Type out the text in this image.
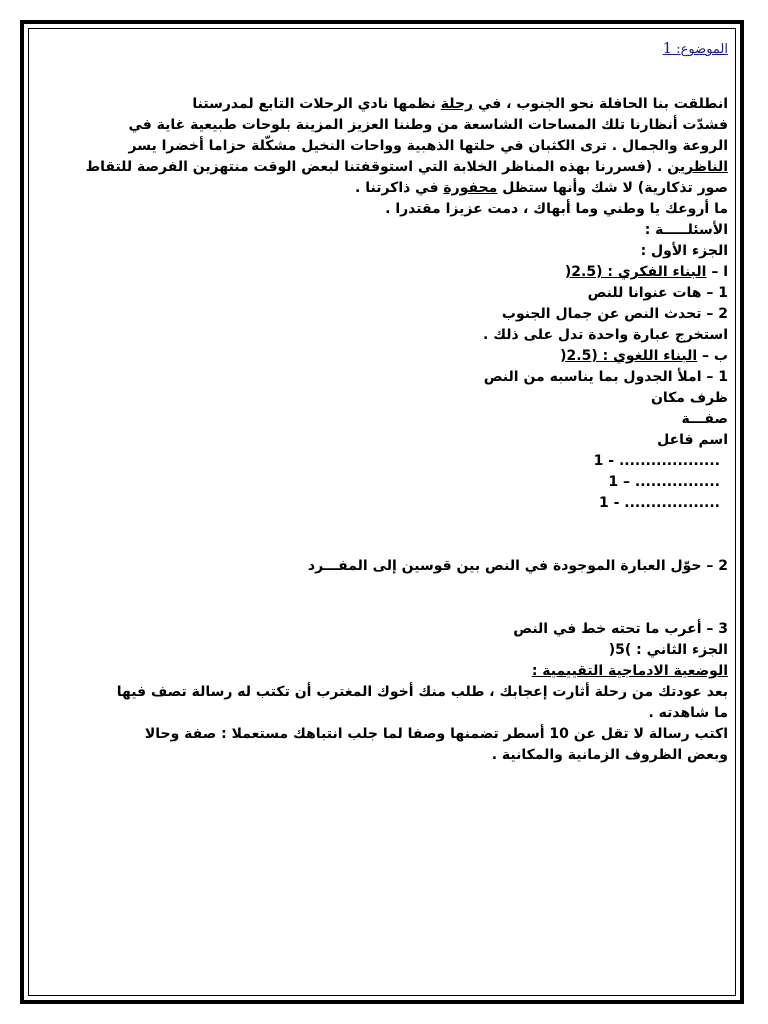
الموضوع: 1

انطلقت بنا الحافلة نحو الجنوب ، في رحلة نظمها نادي الرحلات التابع لمدرستنا

فشدّت أنظارنا تلك المساحات الشاسعة من وطننا العزيز المزينة بلوحات طبيعية غاية في

الروعة والجمال . ترى الكثبان في حلتها الذهبية وواحات النخيل مشكّلة حزاما أخضرا يسر

الناظرين . (فسررنا بهذه المناظر الخلابة التي استوقفتنا لبعض الوقت منتهزين الفرصة للتقاط

صور تذكارية) لا شك وأنها ستظل محفورة في ذاكرتنا .

ما أروعك يا وطني وما أبهاك ، دمت عزيزا مقتدرا .

الأسئلـــــة :

الجزء الأول :

ا – البناء الفكري : (2.5(

1 – هات عنوانا للنص

2 – تحدث النص عن جمال الجنوب

استخرج عبارة واحدة تدل على ذلك .

ب – البناء اللغوي : (2.5(

1 – املأ الجدول بما يناسبه من النص

ظرف مكان

صفـــة

اسم فاعل

1 - ...................

1 – ................

1 - ..................

2 – حوّل العبارة الموجودة في النص بين قوسين إلى المفـــرد

3 – أعرب ما تحته خط في النص

الجزء الثاني : )5(

الوضعية الادماجية التقييمية :

بعد عودتك من رحلة أثارت إعجابك ، طلب منك أخوك المغترب أن تكتب له رسالة تصف فيها

ما شاهدته .

اكتب رسالة لا تقل عن 10 أسطر تضمنها وصفا لما جلب انتباهك مستعملا : صفة وحالا

وبعض الظروف الزمانية والمكانية .
